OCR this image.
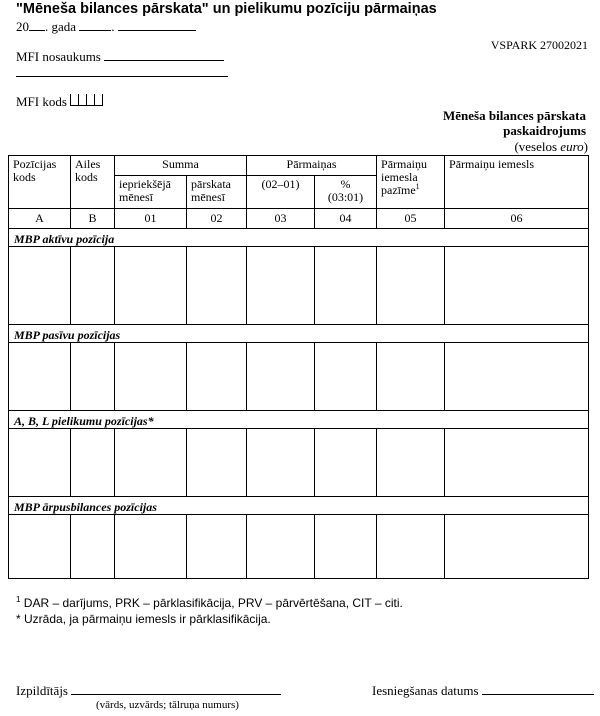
"Mēneša bilances pārskata" un pielikumu pozīciju pārmaiņas
20 . gada	.
VSPARK 27002021
MFI nosaukums
MFI kods
Mēneša bilances pārskata
paskaidrojums
(veselos euro)
Pozīcijas kods	Ailes kods	Summa		Pārmaiņas		Pārmaiņu iemesla pazīme$^1$	Pārmaiņu iemesls
		iepriekšējā mēnesī	pārskata mēnesī	(02–01)	%
(03:01)		

A	B	01	02	03	04	05	06
MBP aktīvu pozīcija							

MBP pasīvu pozīcijas							

A, B, L pielikumu pozīcijas*							

MBP ārpusbilances pozīcijas							

$^1$ DAR – darījums, PRK – pārklasifikācija, PRV – pārvērtēšana, CIT – citi.
* Uzrāda, ja pārmaiņu iemesls ir pārklasifikācija.
Izpildītājs
(vārds, uzvārds; tālruņa numurs)
Iesniegšanas datums
